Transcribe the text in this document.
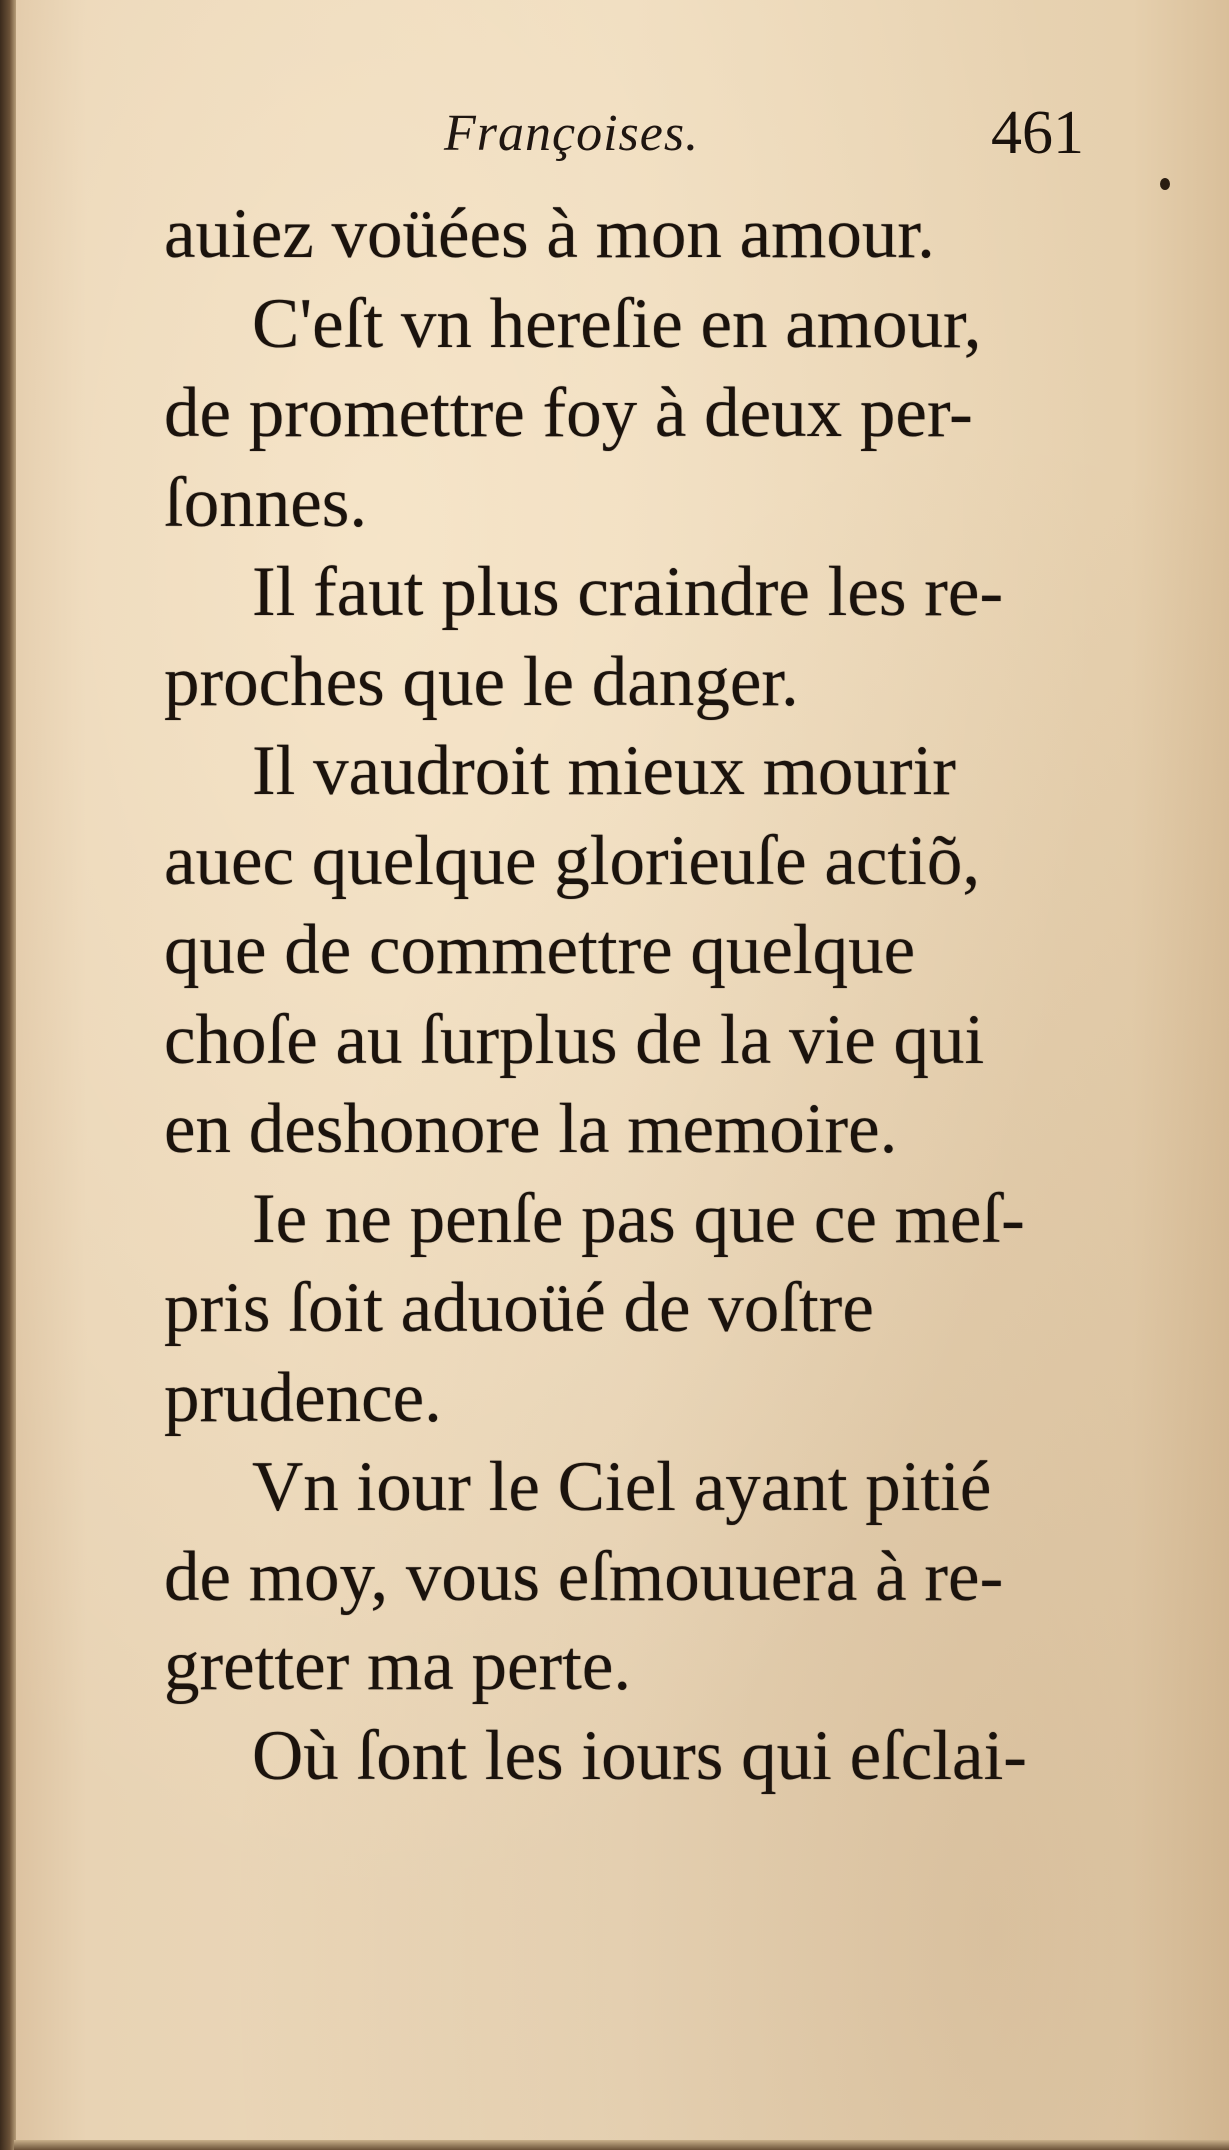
Françoises.	461
auiez voüées à mon amour.
C'eſt vn hereſie en amour,
de promettre foy à deux per-
ſonnes.
Il faut plus craindre les re-
proches que le danger.
Il vaudroit mieux mourir
auec quelque glorieuſe actiõ,
que de commettre quelque
choſe au ſurplus de la vie qui
en deshonore la memoire.
Ie ne penſe pas que ce meſ-
pris ſoit aduoüé de voſtre
prudence.
Vn iour le Ciel ayant pitié
de moy, vous eſmouuera à re-
gretter ma perte.
Où ſont les iours qui eſclai-
